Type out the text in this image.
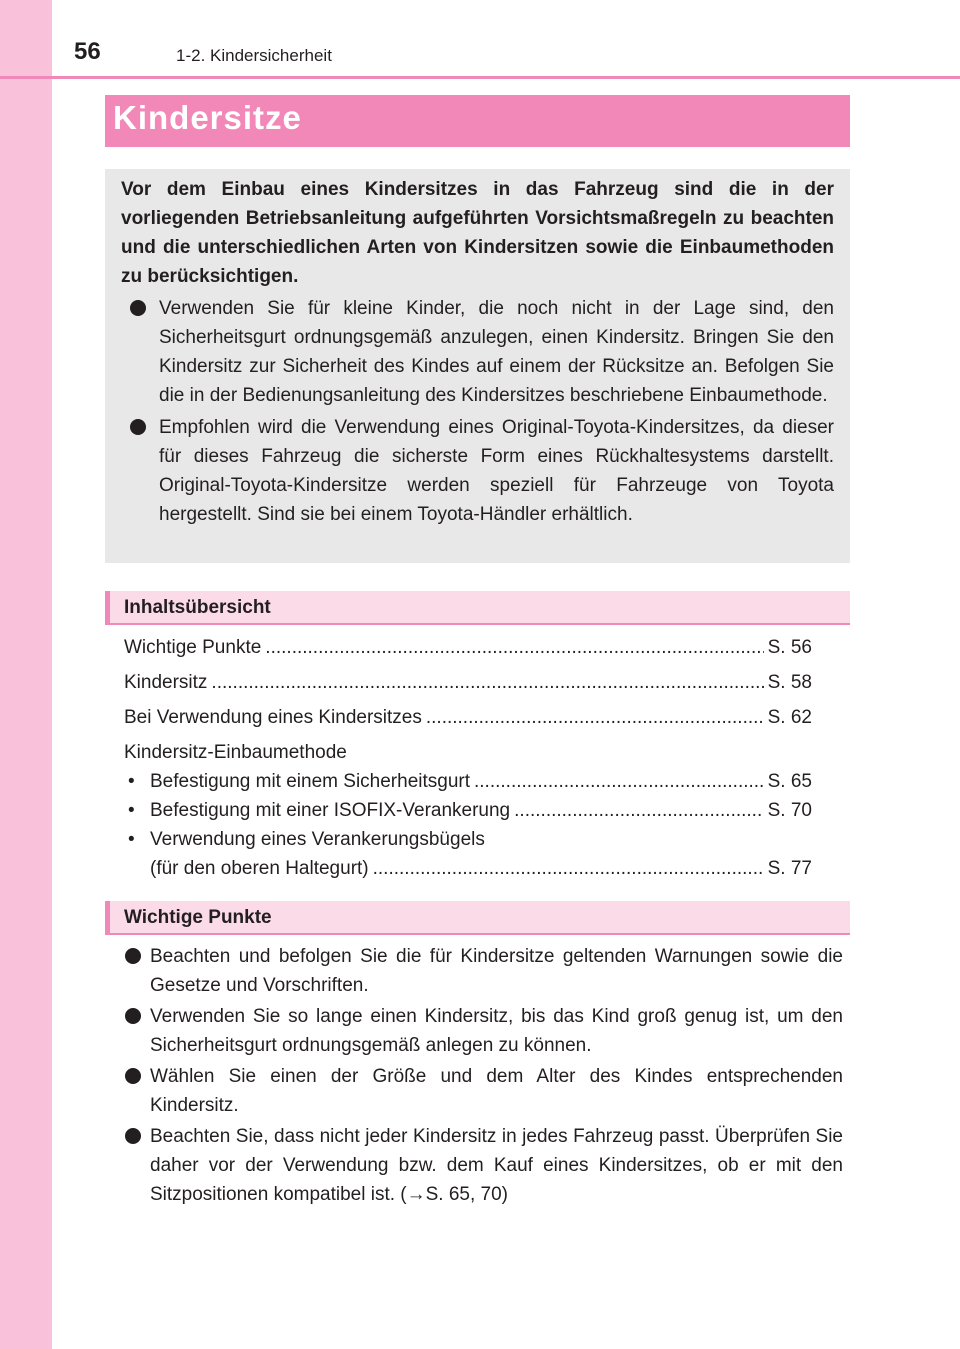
56	1-2. Kindersicherheit
Kindersitze
Vor dem Einbau eines Kindersitzes in das Fahrzeug sind die in der vorliegenden Betriebsanleitung aufgeführten Vorsichtsmaßregeln zu beachten und die unterschiedlichen Arten von Kindersitzen sowie die Einbaumethoden zu berücksichtigen.
Verwenden Sie für kleine Kinder, die noch nicht in der Lage sind, den Sicherheitsgurt ordnungsgemäß anzulegen, einen Kindersitz. Bringen Sie den Kindersitz zur Sicherheit des Kindes auf einem der Rücksitze an. Befolgen Sie die in der Bedienungsanleitung des Kindersitzes beschriebene Einbaumethode.
Empfohlen wird die Verwendung eines Original-Toyota-Kindersitzes, da dieser für dieses Fahrzeug die sicherste Form eines Rückhaltesystems darstellt. Original-Toyota-Kindersitze werden speziell für Fahrzeuge von Toyota hergestellt. Sind sie bei einem Toyota-Händler erhältlich.
Inhaltsübersicht
Wichtige Punkte .....	S. 56
Kindersitz .....	S. 58
Bei Verwendung eines Kindersitzes .....	S. 62
Kindersitz-Einbaumethode
• Befestigung mit einem Sicherheitsgurt .....	S. 65
• Befestigung mit einer ISOFIX-Verankerung .....	S. 70
• Verwendung eines Verankerungsbügels
(für den oberen Haltegurt) .....	S. 77
Wichtige Punkte
Beachten und befolgen Sie die für Kindersitze geltenden Warnungen sowie die Gesetze und Vorschriften.
Verwenden Sie so lange einen Kindersitz, bis das Kind groß genug ist, um den Sicherheitsgurt ordnungsgemäß anlegen zu können.
Wählen Sie einen der Größe und dem Alter des Kindes entsprechenden Kindersitz.
Beachten Sie, dass nicht jeder Kindersitz in jedes Fahrzeug passt. Überprüfen Sie daher vor der Verwendung bzw. dem Kauf eines Kindersitzes, ob er mit den Sitzpositionen kompatibel ist. (→S. 65, 70)
